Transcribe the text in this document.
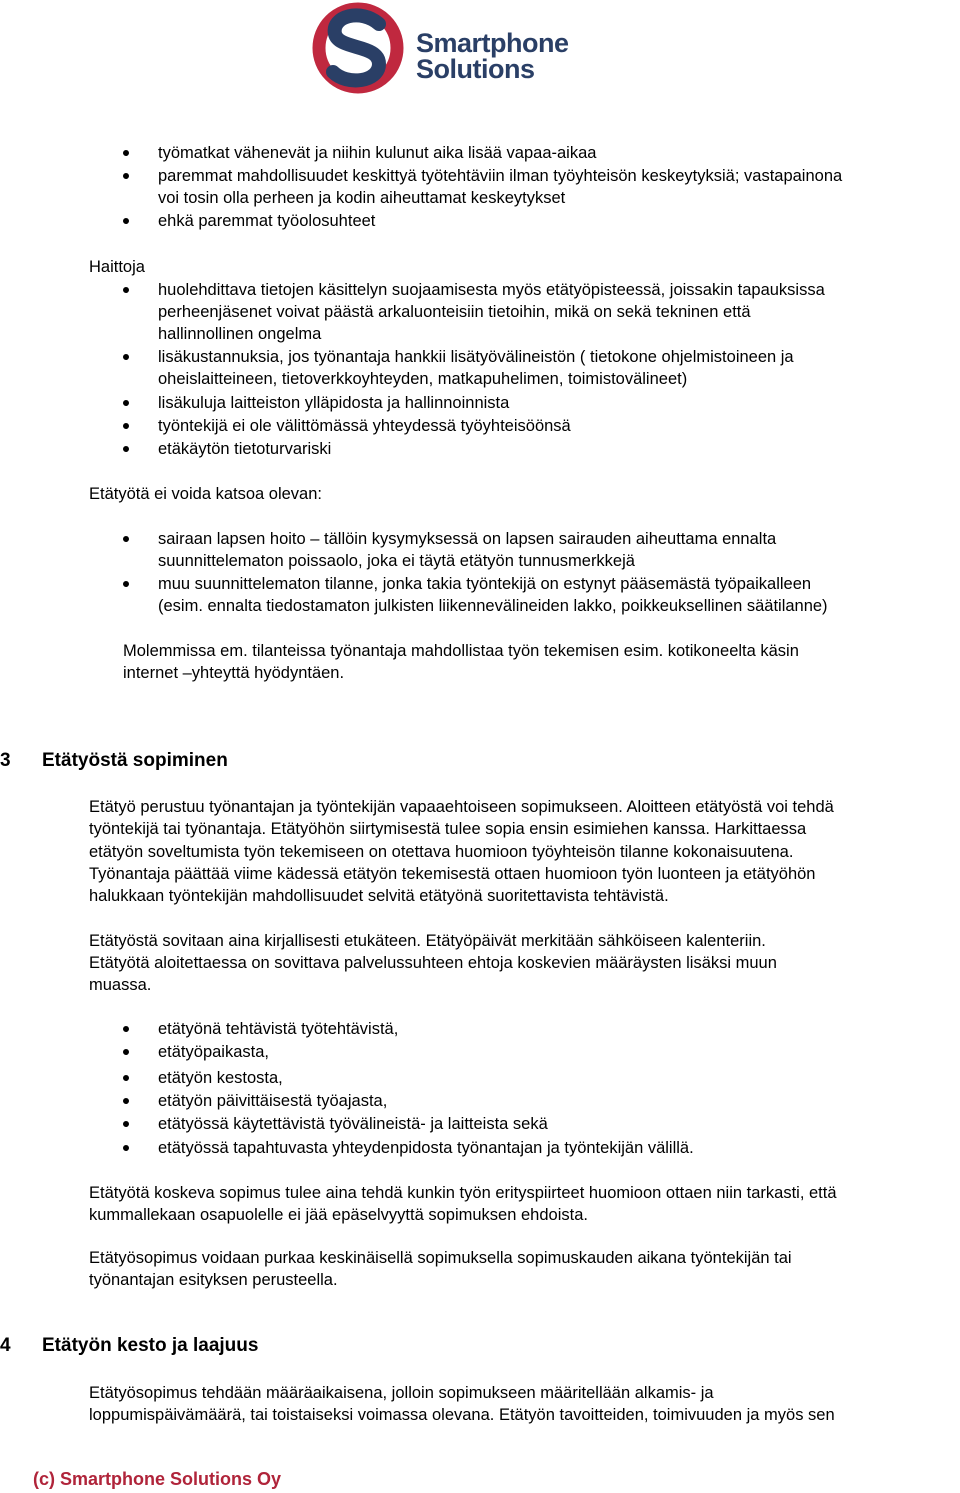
Smartphone
Solutions
työmatkat vähenevät ja niihin kulunut aika lisää vapaa-aikaa
paremmat mahdollisuudet keskittyä työtehtäviin ilman työyhteisön keskeytyksiä; vastapainona
voi tosin olla perheen ja kodin aiheuttamat keskeytykset
ehkä paremmat työolosuhteet
Haittoja
huolehdittava tietojen käsittelyn suojaamisesta myös etätyöpisteessä, joissakin tapauksissa
perheenjäsenet voivat päästä arkaluonteisiin tietoihin, mikä on sekä tekninen että
hallinnollinen ongelma
lisäkustannuksia, jos työnantaja hankkii lisätyövälineistön ( tietokone ohjelmistoineen ja
oheislaitteineen, tietoverkkoyhteyden, matkapuhelimen, toimistovälineet)
lisäkuluja laitteiston ylläpidosta ja hallinnoinnista
työntekijä ei ole välittömässä yhteydessä työyhteisöönsä
etäkäytön tietoturvariski
Etätyötä ei voida katsoa olevan:
sairaan lapsen hoito – tällöin kysymyksessä on lapsen sairauden aiheuttama ennalta
suunnittelematon poissaolo, joka ei täytä etätyön tunnusmerkkejä
muu suunnittelematon tilanne, jonka takia työntekijä on estynyt pääsemästä työpaikalleen
(esim. ennalta tiedostamaton julkisten liikennevälineiden lakko, poikkeuksellinen säätilanne)
Molemmissa em. tilanteissa työnantaja mahdollistaa työn tekemisen esim. kotikoneelta käsin
internet –yhteyttä hyödyntäen.
3 Etätyöstä sopiminen
Etätyö perustuu työnantajan ja työntekijän vapaaehtoiseen sopimukseen. Aloitteen etätyöstä voi tehdä
työntekijä tai työnantaja. Etätyöhön siirtymisestä tulee sopia ensin esimiehen kanssa. Harkittaessa
etätyön soveltumista työn tekemiseen on otettava huomioon työyhteisön tilanne kokonaisuutena.
Työnantaja päättää viime kädessä etätyön tekemisestä ottaen huomioon työn luonteen ja etätyöhön
halukkaan työntekijän mahdollisuudet selvitä etätyönä suoritettavista tehtävistä.
Etätyöstä sovitaan aina kirjallisesti etukäteen. Etätyöpäivät merkitään sähköiseen kalenteriin.
Etätyötä aloitettaessa on sovittava palvelussuhteen ehtoja koskevien määräysten lisäksi muun
muassa.
etätyönä tehtävistä työtehtävistä,
etätyöpaikasta,
etätyön kestosta,
etätyön päivittäisestä työajasta,
etätyössä käytettävistä työvälineistä- ja laitteista sekä
etätyössä tapahtuvasta yhteydenpidosta työnantajan ja työntekijän välillä.
Etätyötä koskeva sopimus tulee aina tehdä kunkin työn erityspiirteet huomioon ottaen niin tarkasti, että
kummallekaan osapuolelle ei jää epäselvyyttä sopimuksen ehdoista.
Etätyösopimus voidaan purkaa keskinäisellä sopimuksella sopimuskauden aikana työntekijän tai
työnantajan esityksen perusteella.
4 Etätyön kesto ja laajuus
Etätyösopimus tehdään määräaikaisena, jolloin sopimukseen määritellään alkamis- ja
loppumispäivämäärä, tai toistaiseksi voimassa olevana. Etätyön tavoitteiden, toimivuuden ja myös sen
(c) Smartphone Solutions Oy
